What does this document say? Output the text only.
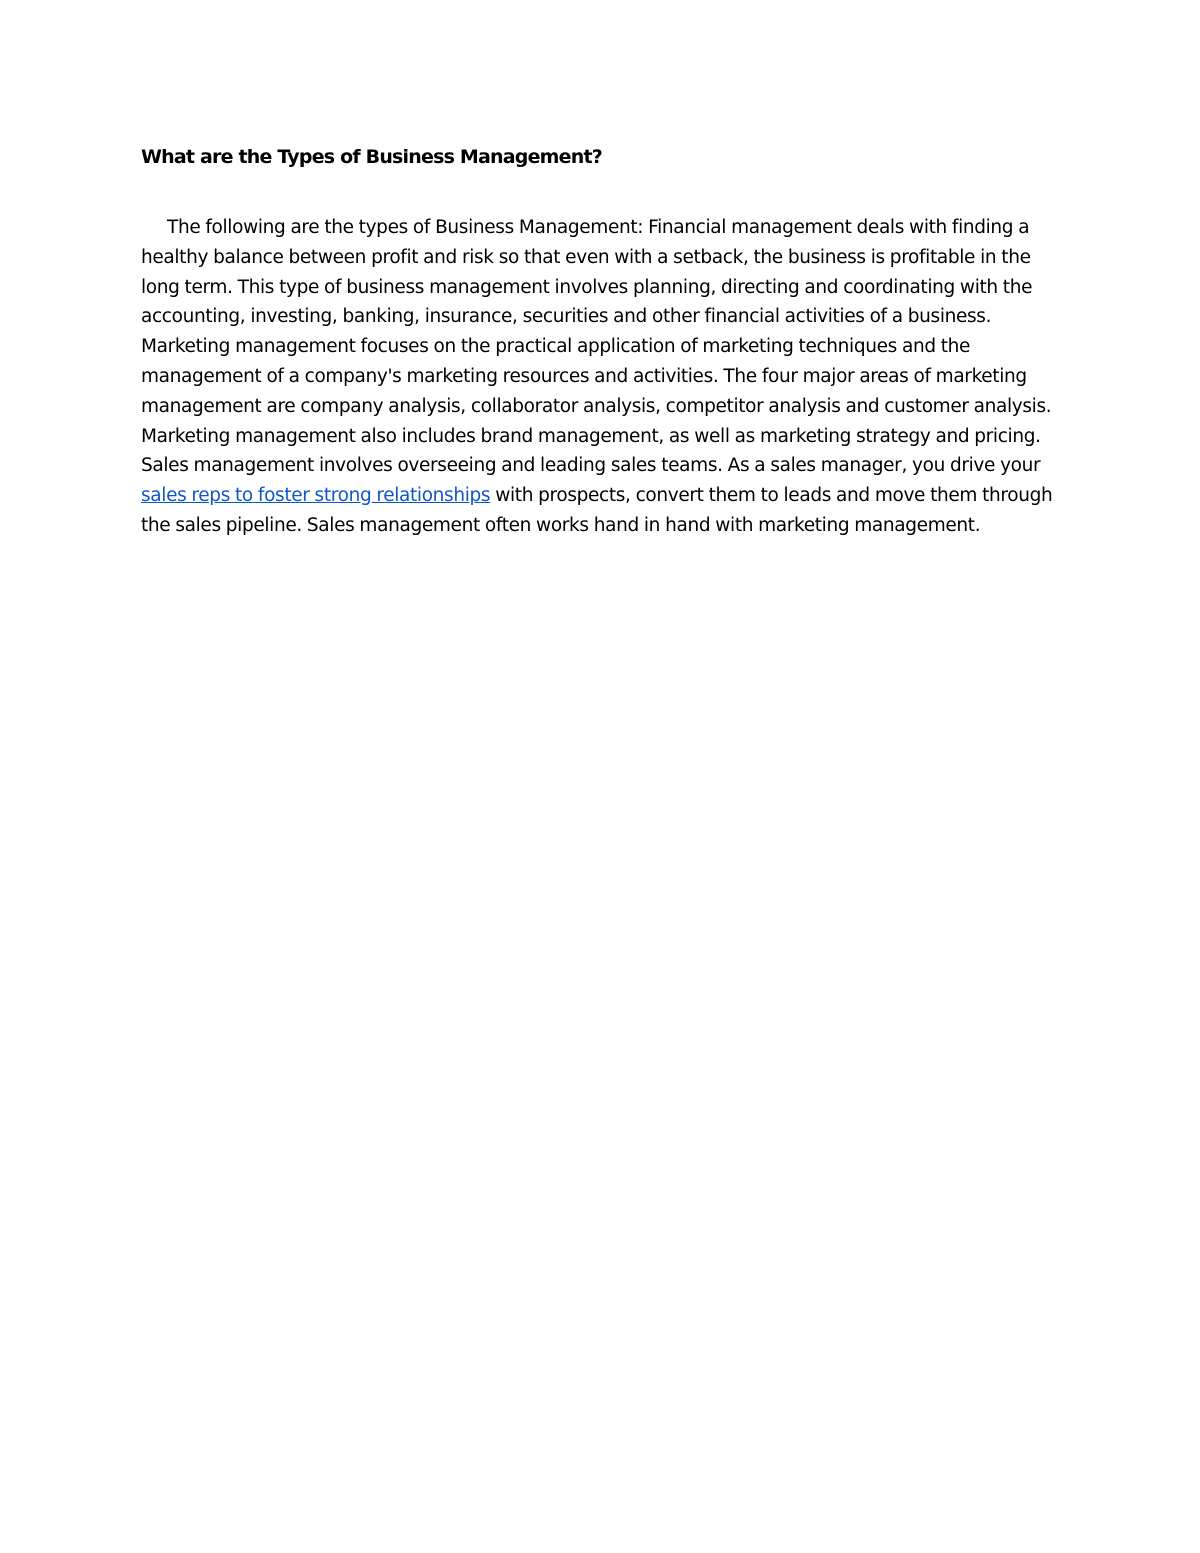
What are the Types of Business Management?

The following are the types of Business Management: Financial management deals with finding a healthy balance between profit and risk so that even with a setback, the business is profitable in the long term. This type of business management involves planning, directing and coordinating with the accounting, investing, banking, insurance, securities and other financial activities of a business. Marketing management focuses on the practical application of marketing techniques and the management of a company's marketing resources and activities. The four major areas of marketing management are company analysis, collaborator analysis, competitor analysis and customer analysis. Marketing management also includes brand management, as well as marketing strategy and pricing. Sales management involves overseeing and leading sales teams. As a sales manager, you drive your sales reps to foster strong relationships with prospects, convert them to leads and move them through the sales pipeline. Sales management often works hand in hand with marketing management.
